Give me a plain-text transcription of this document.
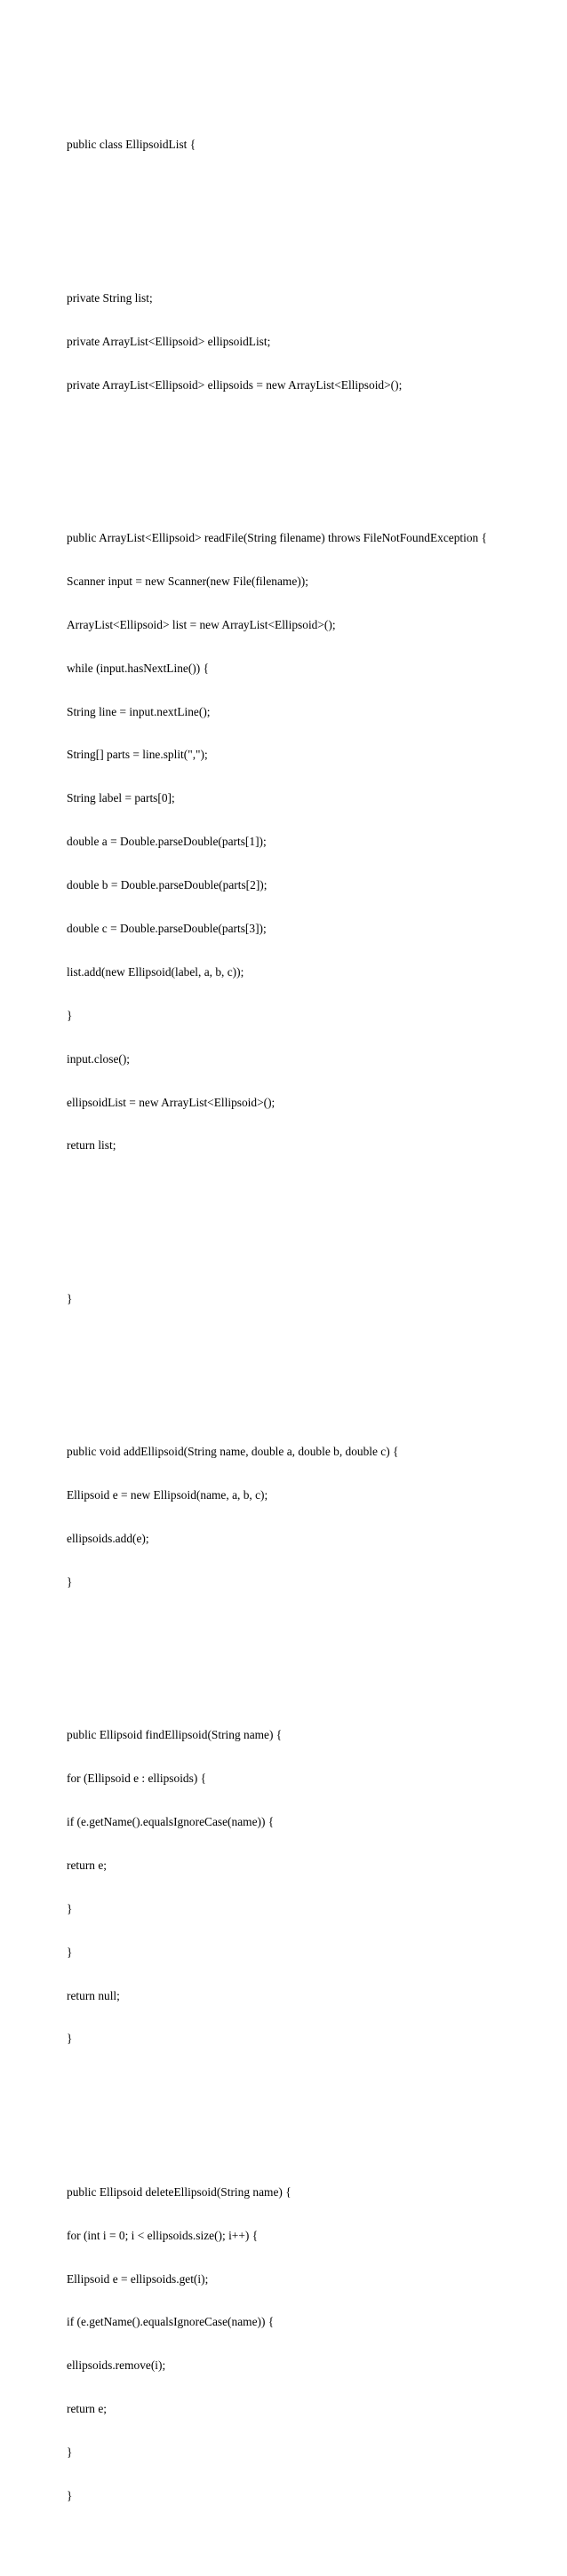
public class EllipsoidList {

private String list;

private ArrayList<Ellipsoid> ellipsoidList;

private ArrayList<Ellipsoid> ellipsoids = new ArrayList<Ellipsoid>();

public ArrayList<Ellipsoid> readFile(String filename) throws FileNotFoundException {

Scanner input = new Scanner(new File(filename));

ArrayList<Ellipsoid> list = new ArrayList<Ellipsoid>();

while (input.hasNextLine()) {

String line = input.nextLine();

String[] parts = line.split(",");

String label = parts[0];

double a = Double.parseDouble(parts[1]);

double b = Double.parseDouble(parts[2]);

double c = Double.parseDouble(parts[3]);

list.add(new Ellipsoid(label, a, b, c));

}

input.close();

ellipsoidList = new ArrayList<Ellipsoid>();

return list;

}

public void addEllipsoid(String name, double a, double b, double c) {

Ellipsoid e = new Ellipsoid(name, a, b, c);

ellipsoids.add(e);

}

public Ellipsoid findEllipsoid(String name) {

for (Ellipsoid e : ellipsoids) {

if (e.getName().equalsIgnoreCase(name)) {

return e;

}

}

return null;

}

public Ellipsoid deleteEllipsoid(String name) {

for (int i = 0; i < ellipsoids.size(); i++) {

Ellipsoid e = ellipsoids.get(i);

if (e.getName().equalsIgnoreCase(name)) {

ellipsoids.remove(i);

return e;

}

}
